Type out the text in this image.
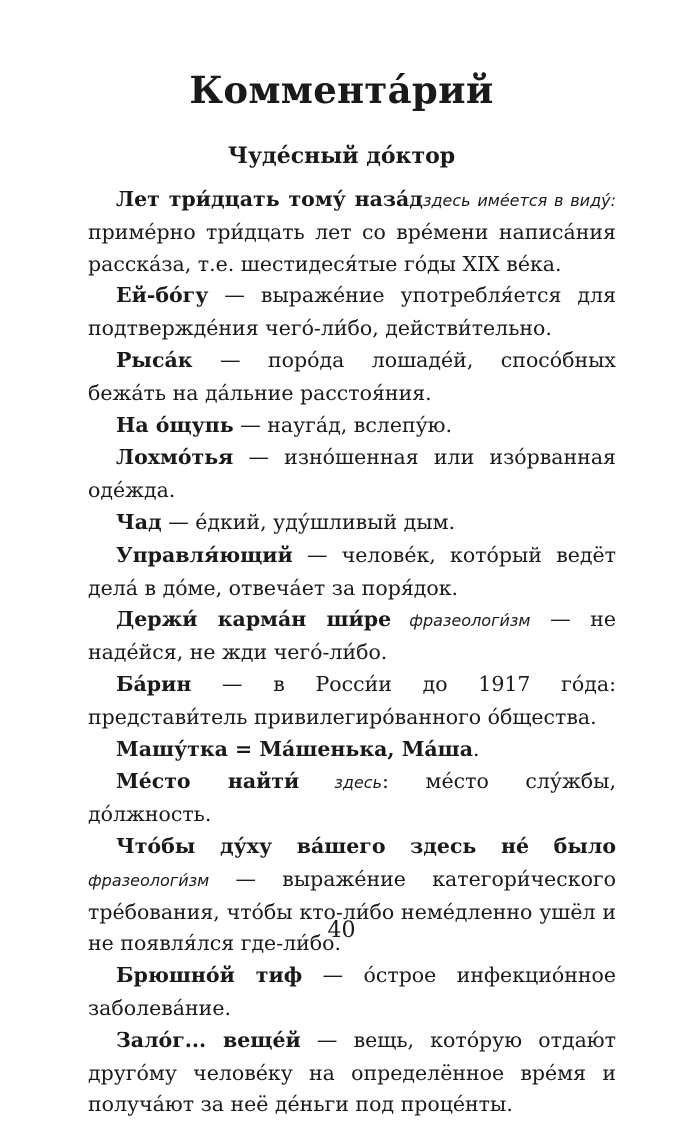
Коммента́рий
Чуде́сный до́ктор

Лет три́дцать тому́ наза́дздесь име́ется в виду́: приме́рно три́дцать лет со вре́мени написа́ния расска́за, т.е. шестидеся́тые го́ды XIX ве́ка.

Ей-бо́гу — выраже́ние употребля́ется для подтвержде́ния чего́-ли́бо, действи́тельно.

Рыса́к — поро́да лошаде́й, спосо́бных бежа́ть на да́льние расстоя́ния.

На о́щупь — науга́д, вслепу́ю.

Лохмо́тья — изно́шенная или изо́рванная оде́жда.

Чад — е́дкий, уду́шливый дым.

Управля́ющий — челове́к, кото́рый ведёт дела́ в до́ме, отвеча́ет за поря́док.

Держи́ карма́н ши́ре фразеологи́зм — не наде́йся, не жди чего́-ли́бо.

Ба́рин — в Росси́и до 1917 го́да: представи́тель привилегиро́ванного о́бщества.

Машу́тка = Ма́шенька, Ма́ша.

Ме́сто найти́ здесь: ме́сто слу́жбы, до́лжность.

Что́бы ду́ху ва́шего здесь не́ было фразеологи́зм — выраже́ние категори́ческого тре́бования, что́бы кто-ли́бо неме́дленно ушёл и не появля́лся где-ли́бо.

Брюшно́й тиф — о́строе инфекцио́нное заболева́ние.

Зало́г... веще́й — вещь, кото́рую отдаю́т друго́му челове́ку на определённое вре́мя и получа́ют за неё де́ньги под проце́нты.

40
